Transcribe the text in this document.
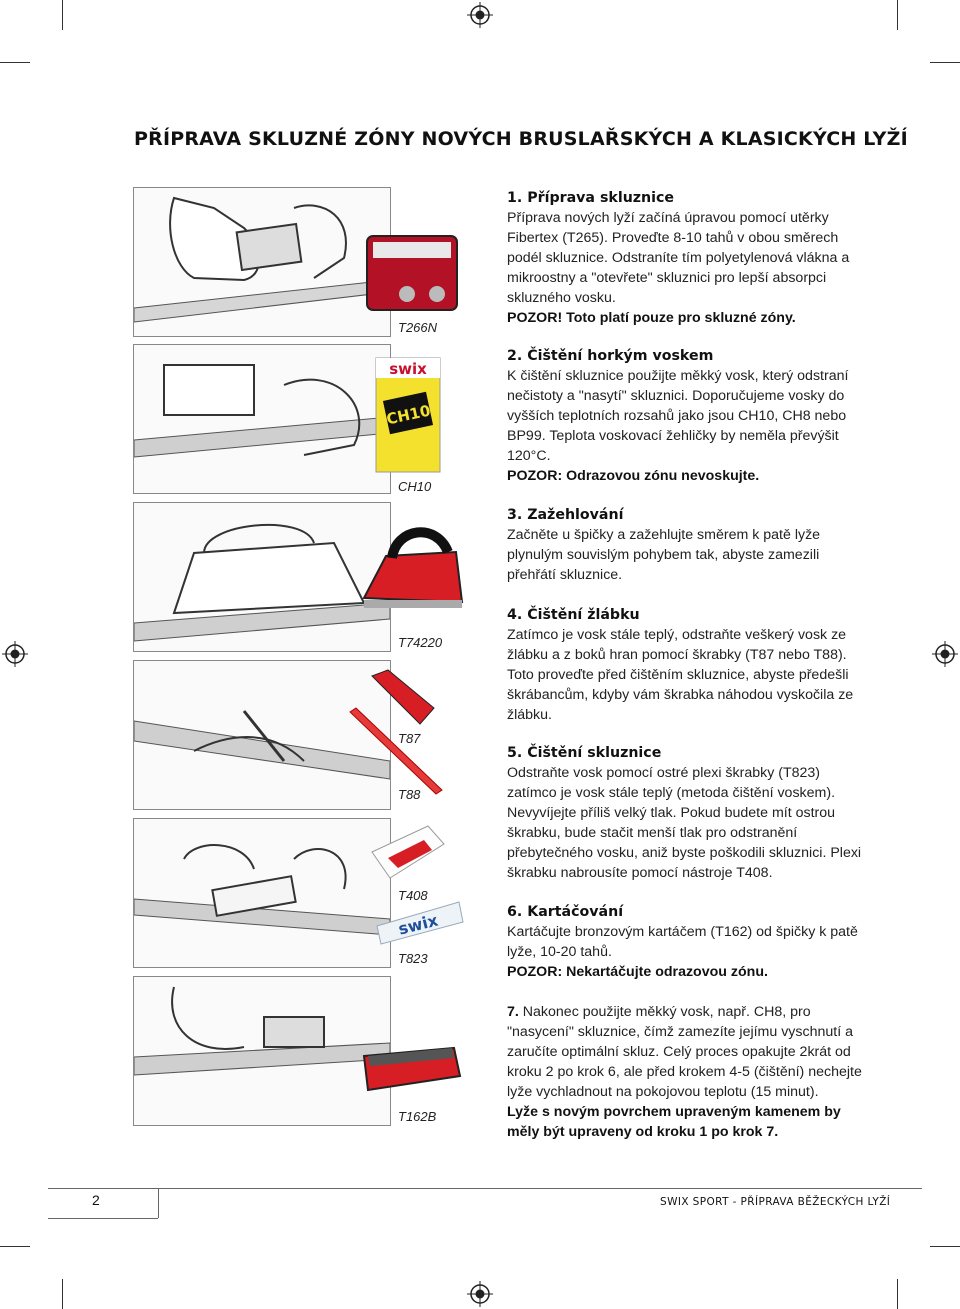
PŘÍPRAVA SKLUZNÉ ZÓNY NOVÝCH BRUSLAŘSKÝCH A KLASICKÝCH LYŽÍ
T266N
swix
CH10
CH10
T74220
T87
T88
T408
swix
T823
T162B
1. Příprava skluznice

Příprava nových lyží začíná úpravou pomocí utěrky Fibertex (T265). Proveďte 8-10 tahů v obou směrech podél skluznice. Odstraníte tím polyetylenová vlákna a mikroostny a "otevřete" skluznici pro lepší absorpci skluzného vosku.

POZOR! Toto platí pouze pro skluzné zóny.

2. Čištění horkým voskem

K čištění skluznice použijte měkký vosk, který odstraní nečistoty a "nasytí" skluznici. Doporučujeme vosky do vyšších teplotních rozsahů jako jsou CH10, CH8 nebo BP99. Teplota voskovací žehličky by neměla převýšit 120°C.

POZOR: Odrazovou zónu nevoskujte.

3. Zažehlování

Začněte u špičky a zažehlujte směrem k patě lyže plynulým souvislým pohybem tak, abyste zamezili přehřátí skluznice.

4. Čištění žlábku

Zatímco je vosk stále teplý, odstraňte veškerý vosk ze žlábku a z boků hran pomocí škrabky (T87 nebo T88). Toto proveďte před čištěním skluznice, abyste předešli škrábancům, kdyby vám škrabka náhodou vyskočila ze žlábku.

5. Čištění skluznice

Odstraňte vosk pomocí ostré plexi škrabky (T823) zatímco je vosk stále teplý (metoda čištění voskem). Nevyvíjejte příliš velký tlak. Pokud budete mít ostrou škrabku, bude stačit menší tlak pro odstranění přebytečného vosku, aniž byste poškodili skluznici. Plexi škrabku nabrousíte pomocí nástroje T408.

6. Kartáčování

Kartáčujte bronzovým kartáčem (T162) od špičky k patě lyže, 10-20 tahů.

POZOR: Nekartáčujte odrazovou zónu.

7. Nakonec použijte měkký vosk, např. CH8, pro "nasycení" skluznice, čímž zamezíte jejímu vyschnutí a zaručíte optimální skluz. Celý proces opakujte 2krát od kroku 2 po krok 6, ale před krokem 4-5 (čištění) nechejte lyže vychladnout na pokojovou teplotu (15 minut).

Lyže s novým povrchem upraveným kamenem by měly být upraveny od kroku 1 po krok 7.

2	SWIX SPORT - PŘÍPRAVA BĚŽECKÝCH LYŽÍ
